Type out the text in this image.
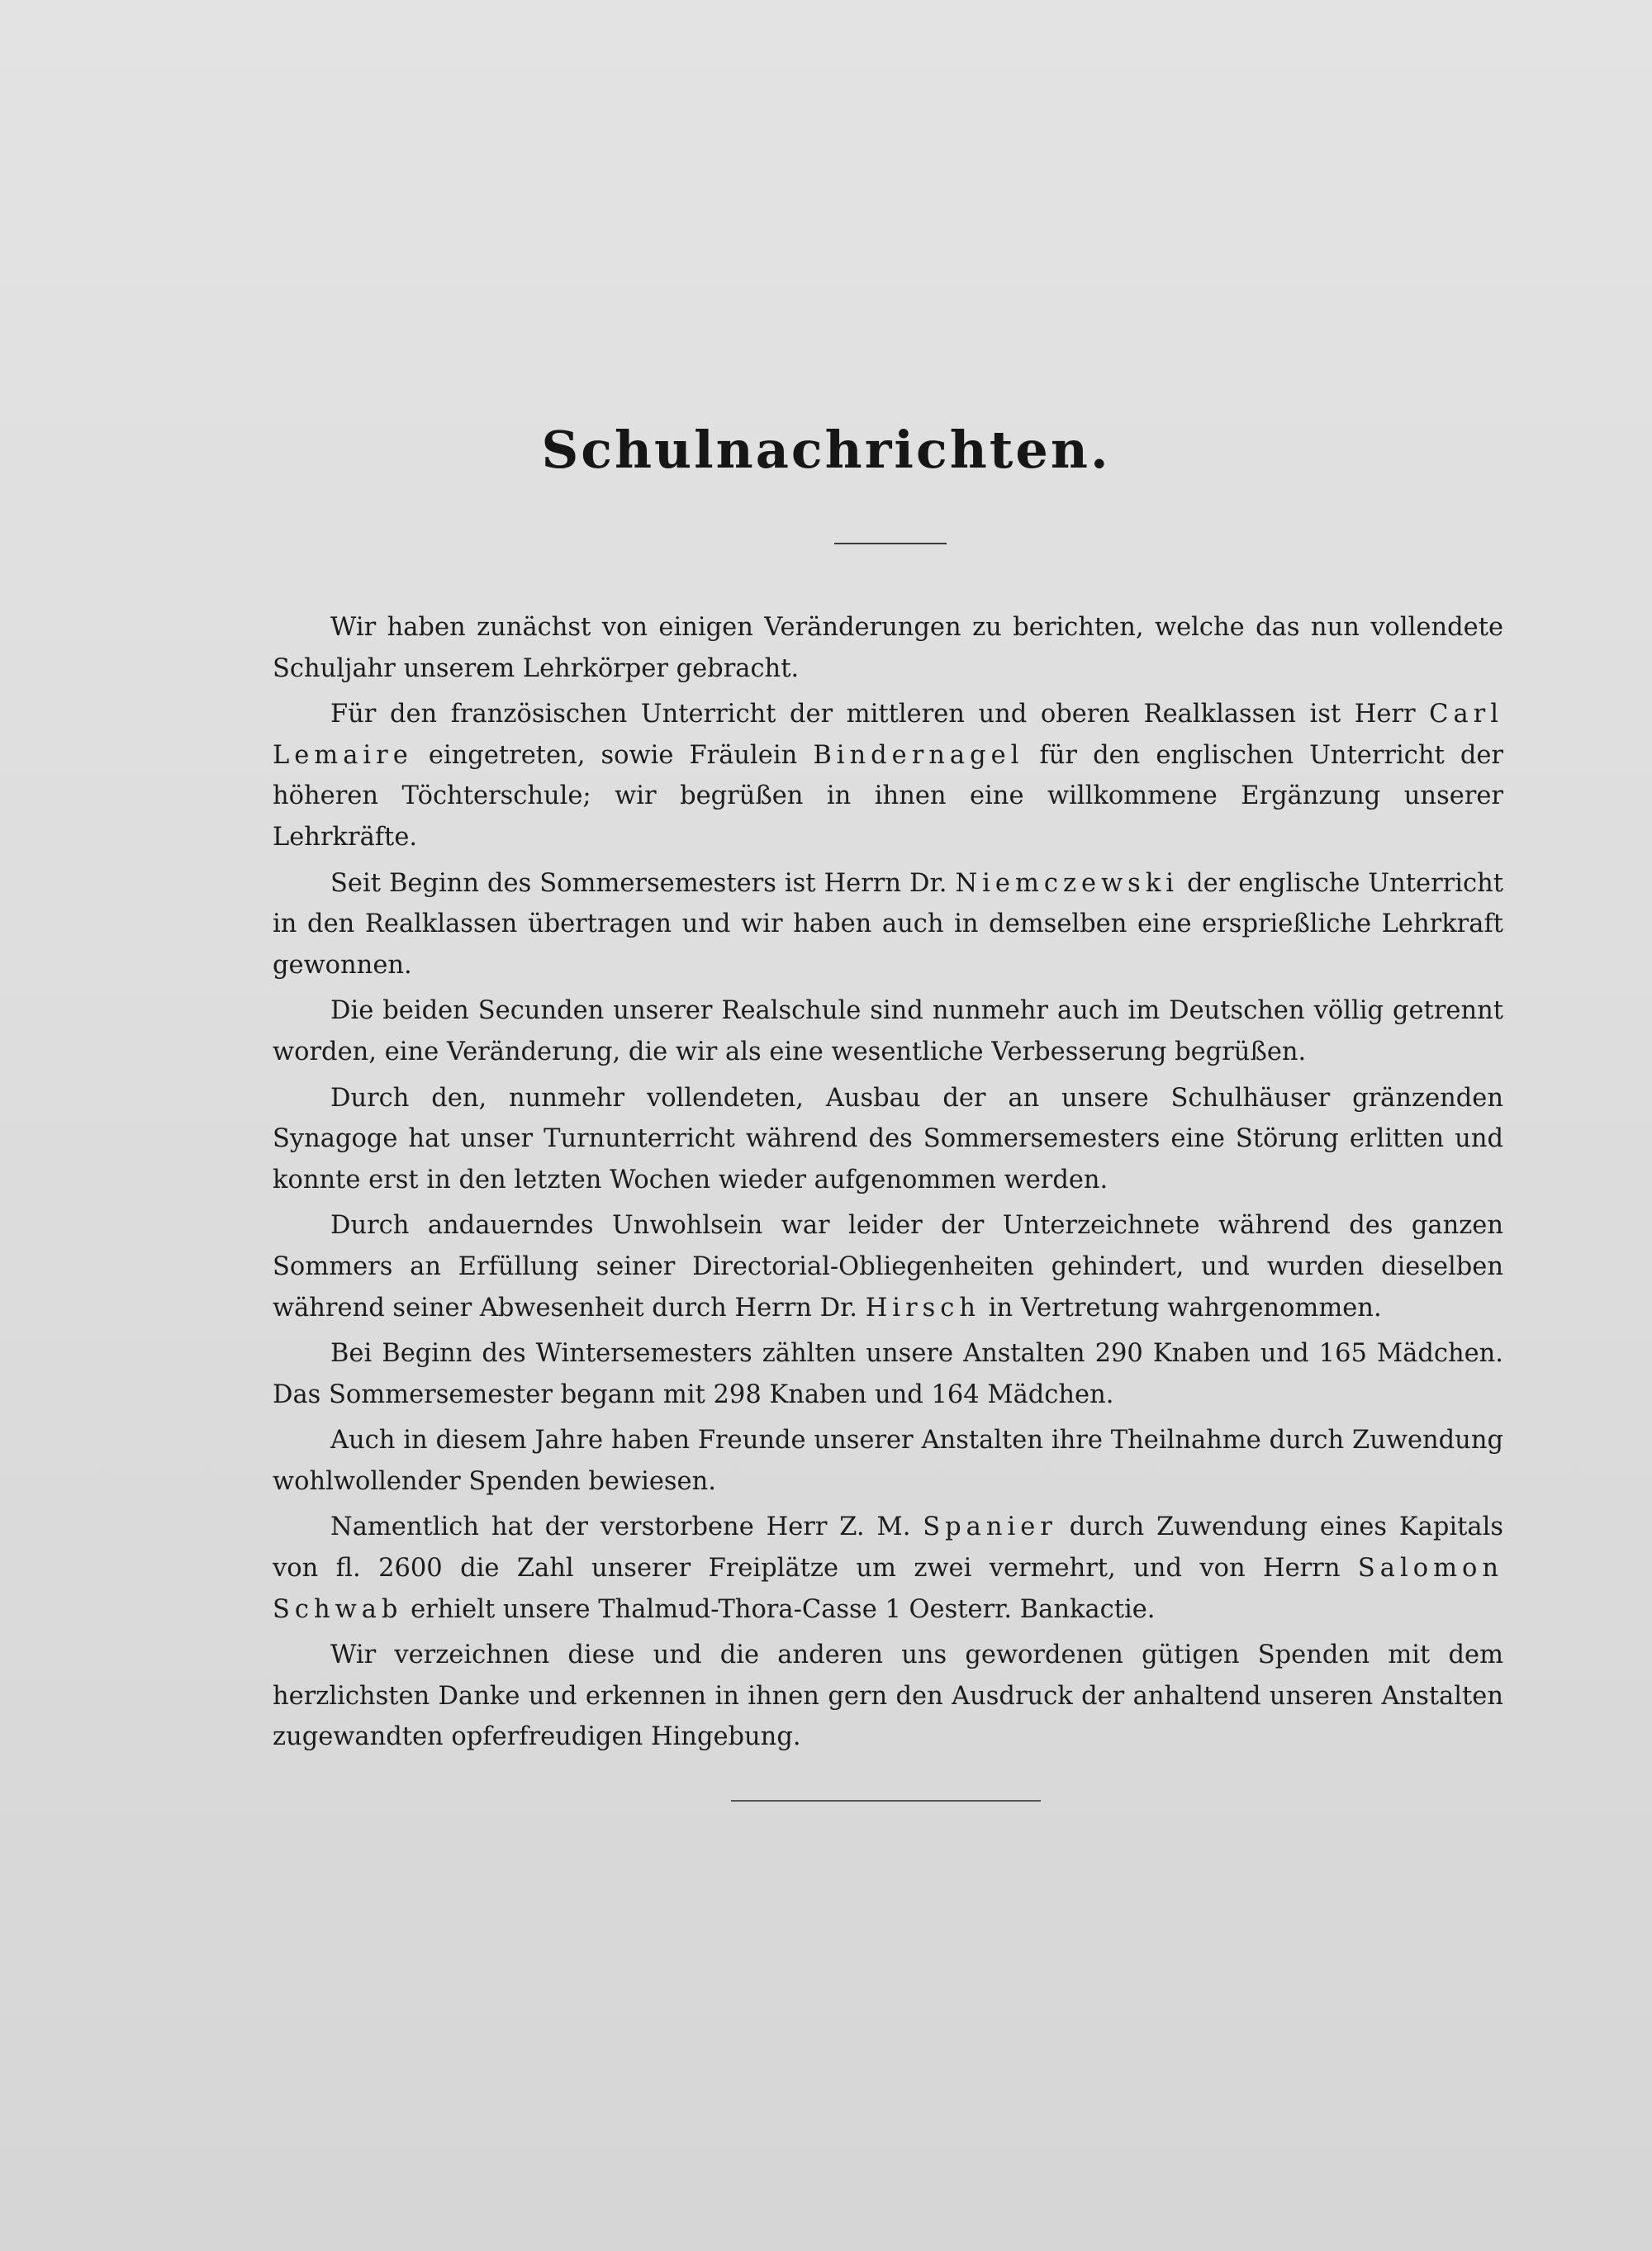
Schulnachrichten.

Wir haben zunächst von einigen Veränderungen zu berichten, welche das nun vollendete Schuljahr unserem Lehrkörper gebracht.

Für den französischen Unterricht der mittleren und oberen Realklassen ist Herr Carl Lemaire eingetreten, sowie Fräulein Bindernagel für den englischen Unterricht der höheren Töchterschule; wir begrüßen in ihnen eine willkommene Ergänzung unserer Lehrkräfte.

Seit Beginn des Sommersemesters ist Herrn Dr. Niemczewski der englische Unterricht in den Realklassen übertragen und wir haben auch in demselben eine ersprießliche Lehrkraft gewonnen.

Die beiden Secunden unserer Realschule sind nunmehr auch im Deutschen völlig getrennt worden, eine Veränderung, die wir als eine wesentliche Verbesserung begrüßen.

Durch den, nunmehr vollendeten, Ausbau der an unsere Schulhäuser gränzenden Synagoge hat unser Turnunterricht während des Sommersemesters eine Störung erlitten und konnte erst in den letzten Wochen wieder aufgenommen werden.

Durch andauerndes Unwohlsein war leider der Unterzeichnete während des ganzen Sommers an Erfüllung seiner Directorial-Obliegenheiten gehindert, und wurden dieselben während seiner Abwesenheit durch Herrn Dr. Hirsch in Vertretung wahrgenommen.

Bei Beginn des Wintersemesters zählten unsere Anstalten 290 Knaben und 165 Mädchen. Das Sommersemester begann mit 298 Knaben und 164 Mädchen.

Auch in diesem Jahre haben Freunde unserer Anstalten ihre Theilnahme durch Zuwendung wohlwollender Spenden bewiesen.

Namentlich hat der verstorbene Herr Z. M. Spanier durch Zuwendung eines Kapitals von fl. 2600 die Zahl unserer Freiplätze um zwei vermehrt, und von Herrn Salomon Schwab erhielt unsere Thalmud-Thora-Casse 1 Oesterr. Bankactie.

Wir verzeichnen diese und die anderen uns gewordenen gütigen Spenden mit dem herzlichsten Danke und erkennen in ihnen gern den Ausdruck der anhaltend unseren Anstalten zugewandten opferfreudigen Hingebung.
